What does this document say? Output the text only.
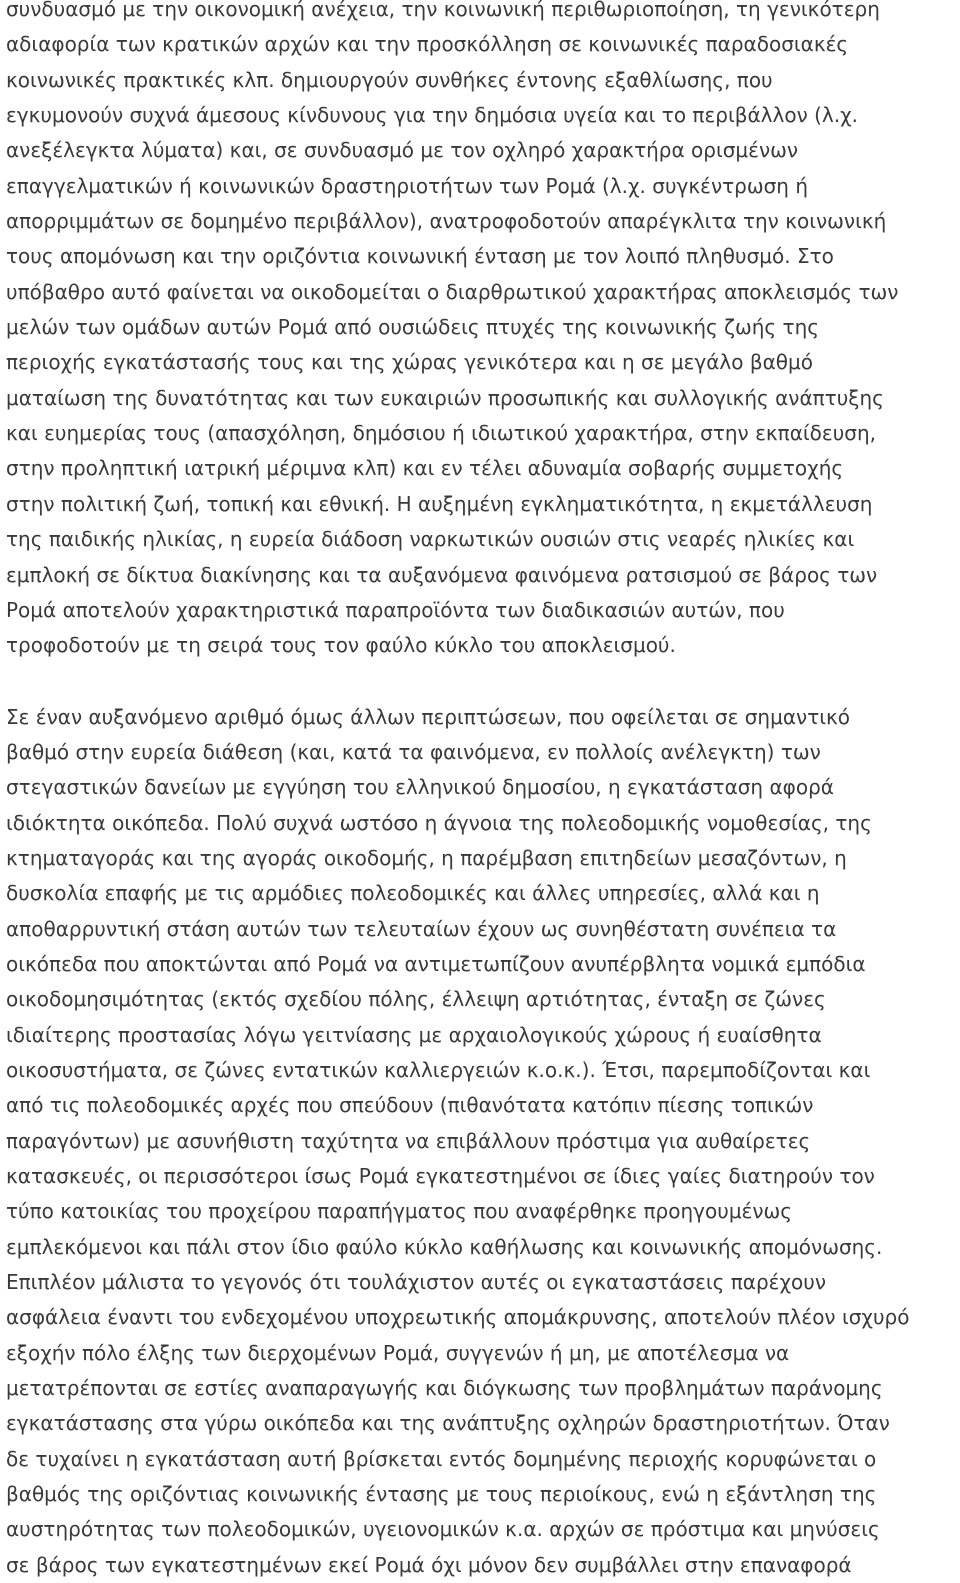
συνδυασμό με την οικονομική ανέχεια, την κοινωνική περιθωριοποίηση, τη γενικότερη
αδιαφορία των κρατικών αρχών και την προσκόλληση σε κοινωνικές παραδοσιακές
κοινωνικές πρακτικές κλπ. δημιουργούν συνθήκες έντονης εξαθλίωσης, που
εγκυμονούν συχνά άμεσους κίνδυνους για την δημόσια υγεία και το περιβάλλον (λ.χ.
ανεξέλεγκτα λύματα) και, σε συνδυασμό με τον οχληρό χαρακτήρα ορισμένων
επαγγελματικών ή κοινωνικών δραστηριοτήτων των Ρομά (λ.χ. συγκέντρωση ή
απορριμμάτων σε δομημένο περιβάλλον), ανατροφοδοτούν απαρέγκλιτα την κοινωνική
τους απομόνωση και την οριζόντια κοινωνική ένταση με τον λοιπό πληθυσμό. Στο
υπόβαθρο αυτό φαίνεται να οικοδομείται ο διαρθρωτικού χαρακτήρας αποκλεισμός των
μελών των ομάδων αυτών Ρομά από ουσιώδεις πτυχές της κοινωνικής ζωής της
περιοχής εγκατάστασής τους και της χώρας γενικότερα και η σε μεγάλο βαθμό
ματαίωση της δυνατότητας και των ευκαιριών προσωπικής και συλλογικής ανάπτυξης
και ευημερίας τους (απασχόληση, δημόσιου ή ιδιωτικού χαρακτήρα, στην εκπαίδευση,
στην προληπτική ιατρική μέριμνα κλπ) και εν τέλει αδυναμία σοβαρής συμμετοχής
στην πολιτική ζωή, τοπική και εθνική. Η αυξημένη εγκληματικότητα, η εκμετάλλευση
της παιδικής ηλικίας, η ευρεία διάδοση ναρκωτικών ουσιών στις νεαρές ηλικίες και
εμπλοκή σε δίκτυα διακίνησης και τα αυξανόμενα φαινόμενα ρατσισμού σε βάρος των
Ρομά αποτελούν χαρακτηριστικά παραπροϊόντα των διαδικασιών αυτών, που
τροφοδοτούν με τη σειρά τους τον φαύλο κύκλο του αποκλεισμού.
Σε έναν αυξανόμενο αριθμό όμως άλλων περιπτώσεων, που οφείλεται σε σημαντικό
βαθμό στην ευρεία διάθεση (και, κατά τα φαινόμενα, εν πολλοίς ανέλεγκτη) των
στεγαστικών δανείων με εγγύηση του ελληνικού δημοσίου, η εγκατάσταση αφορά
ιδιόκτητα οικόπεδα. Πολύ συχνά ωστόσο η άγνοια της πολεοδομικής νομοθεσίας, της
κτηματαγοράς και της αγοράς οικοδομής, η παρέμβαση επιτηδείων μεσαζόντων, η
δυσκολία επαφής με τις αρμόδιες πολεοδομικές και άλλες υπηρεσίες, αλλά και η
αποθαρρυντική στάση αυτών των τελευταίων έχουν ως συνηθέστατη συνέπεια τα
οικόπεδα που αποκτώνται από Ρομά να αντιμετωπίζουν ανυπέρβλητα νομικά εμπόδια
οικοδομησιμότητας (εκτός σχεδίου πόλης, έλλειψη αρτιότητας, ένταξη σε ζώνες
ιδιαίτερης προστασίας λόγω γειτνίασης με αρχαιολογικούς χώρους ή ευαίσθητα
οικοσυστήματα, σε ζώνες εντατικών καλλιεργειών κ.ο.κ.). Έτσι, παρεμποδίζονται και
από τις πολεοδομικές αρχές που σπεύδουν (πιθανότατα κατόπιν πίεσης τοπικών
παραγόντων) με ασυνήθιστη ταχύτητα να επιβάλλουν πρόστιμα για αυθαίρετες
κατασκευές, οι περισσότεροι ίσως Ρομά εγκατεστημένοι σε ίδιες γαίες διατηρούν τον
τύπο κατοικίας του προχείρου παραπήγματος που αναφέρθηκε προηγουμένως
εμπλεκόμενοι και πάλι στον ίδιο φαύλο κύκλο καθήλωσης και κοινωνικής απομόνωσης.
Επιπλέον μάλιστα το γεγονός ότι τουλάχιστον αυτές οι εγκαταστάσεις παρέχουν
ασφάλεια έναντι του ενδεχομένου υποχρεωτικής απομάκρυνσης, αποτελούν πλέον ισχυρό
εξοχήν πόλο έλξης των διερχομένων Ρομά, συγγενών ή μη, με αποτέλεσμα να
μετατρέπονται σε εστίες αναπαραγωγής και διόγκωσης των προβλημάτων παράνομης
εγκατάστασης στα γύρω οικόπεδα και της ανάπτυξης οχληρών δραστηριοτήτων. Όταν
δε τυχαίνει η εγκατάσταση αυτή βρίσκεται εντός δομημένης περιοχής κορυφώνεται ο
βαθμός της οριζόντιας κοινωνικής έντασης με τους περιοίκους, ενώ η εξάντληση της
αυστηρότητας των πολεοδομικών, υγειονομικών κ.α. αρχών σε πρόστιμα και μηνύσεις
σε βάρος των εγκατεστημένων εκεί Ρομά όχι μόνον δεν συμβάλλει στην επαναφορά
